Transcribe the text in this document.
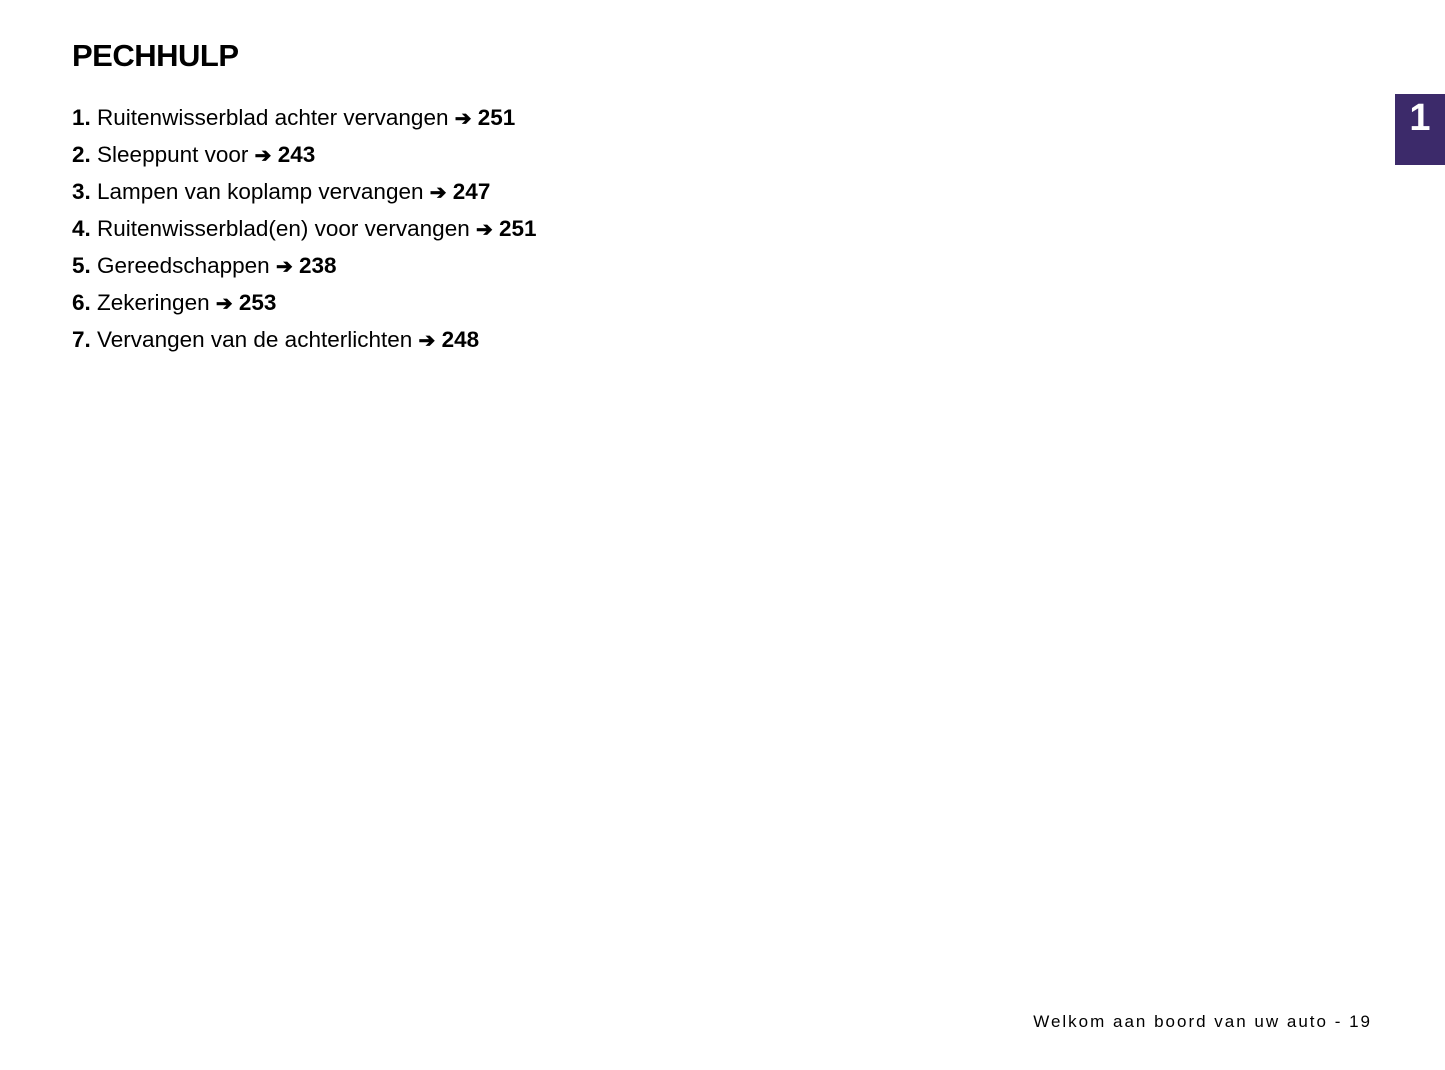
PECHHULP
1. Ruitenwisserblad achter vervangen ➔ 251
2. Sleeppunt voor ➔ 243
3. Lampen van koplamp vervangen ➔ 247
4. Ruitenwisserblad(en) voor vervangen ➔ 251
5. Gereedschappen ➔ 238
6. Zekeringen ➔ 253
7. Vervangen van de achterlichten ➔ 248
1
Welkom aan boord van uw auto - 19
